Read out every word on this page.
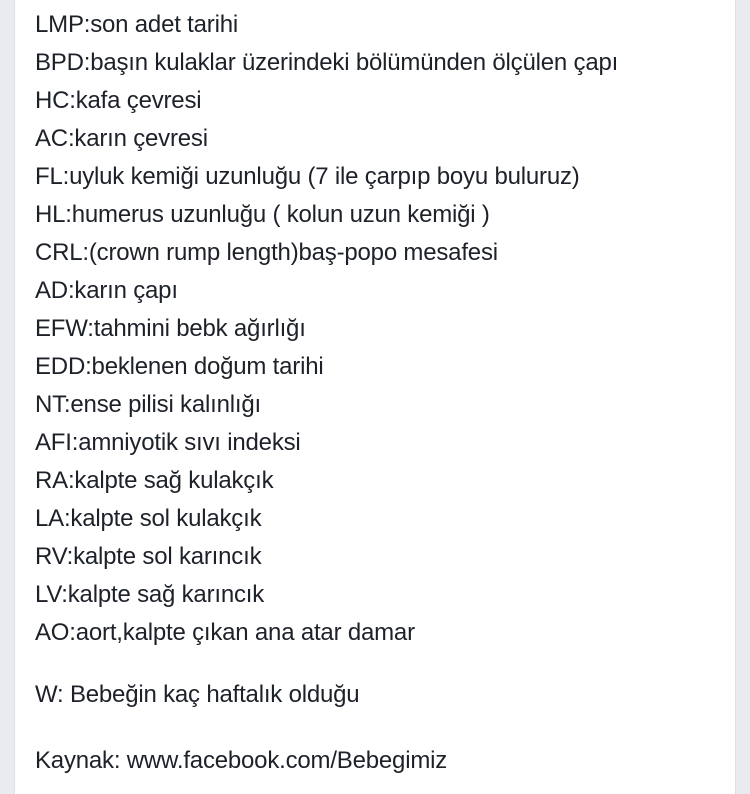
LMP:son adet tarihi
BPD:başın kulaklar üzerindeki bölümünden ölçülen çapı
HC:kafa çevresi
AC:karın çevresi
FL:uyluk kemiği uzunluğu (7 ile çarpıp boyu buluruz)
HL:humerus uzunluğu ( kolun uzun kemiği )
CRL:(crown rump length)baş-popo mesafesi
AD:karın çapı
EFW:tahmini bebk ağırlığı
EDD:beklenen doğum tarihi
NT:ense pilisi kalınlığı
AFI:amniyotik sıvı indeksi
RA:kalpte sağ kulakçık
LA:kalpte sol kulakçık
RV:kalpte sol karıncık
LV:kalpte sağ karıncık
AO:aort,kalpte çıkan ana atar damar
W: Bebeğin kaç haftalık olduğu
Kaynak: www.facebook.com/Bebegimiz
